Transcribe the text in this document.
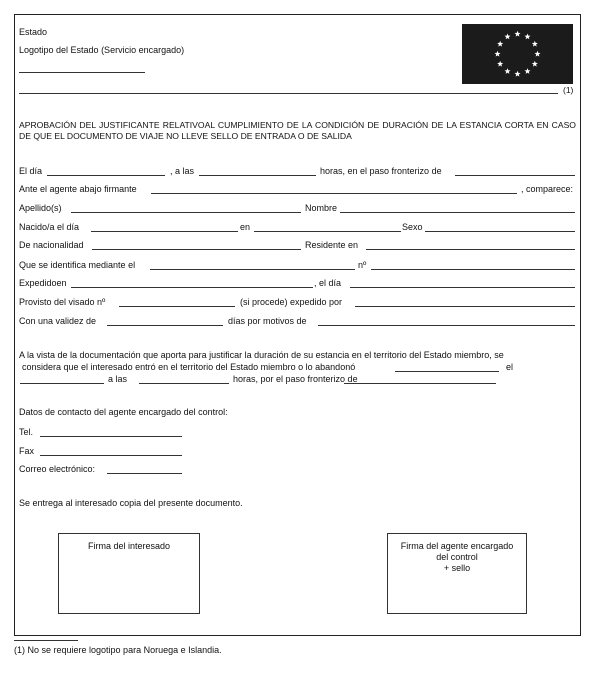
Estado
Logotipo del Estado (Servicio encargado)
(1)
APROBACIÓN DEL JUSTIFICANTE RELATIVOAL CUMPLIMIENTO DE LA CONDICIÓN DE DURACIÓN DE LA ESTANCIA CORTA EN CASO DE QUE EL DOCUMENTO DE VIAJE NO LLEVE SELLO DE ENTRADA O DE SALIDA
El día	, a las	horas, en el paso fronterizo de
Ante el agente abajo firmante	, comparece:
Apellido(s)	Nombre
Nacido/a el día	en	Sexo
De nacionalidad	Residente en
Que se identifica mediante el	nº
Expedidoen	, el día
Provisto del visado nº	(si procede) expedido por
Con una validez de	días por motivos de
A la vista de la documentación que aporta para justificar la duración de su estancia en el territorio del Estado miembro, se
considera que el interesado entró en el territorio del Estado miembro o lo abandonó	el
a las	horas, por el paso fronterizo de
Datos de contacto del agente encargado del control:
Tel.
Fax
Correo electrónico:
Se entrega al interesado copia del presente documento.
Firma del interesado	Firma del agente encargado
del control
+ sello
(1) No se requiere logotipo para Noruega e Islandia.
